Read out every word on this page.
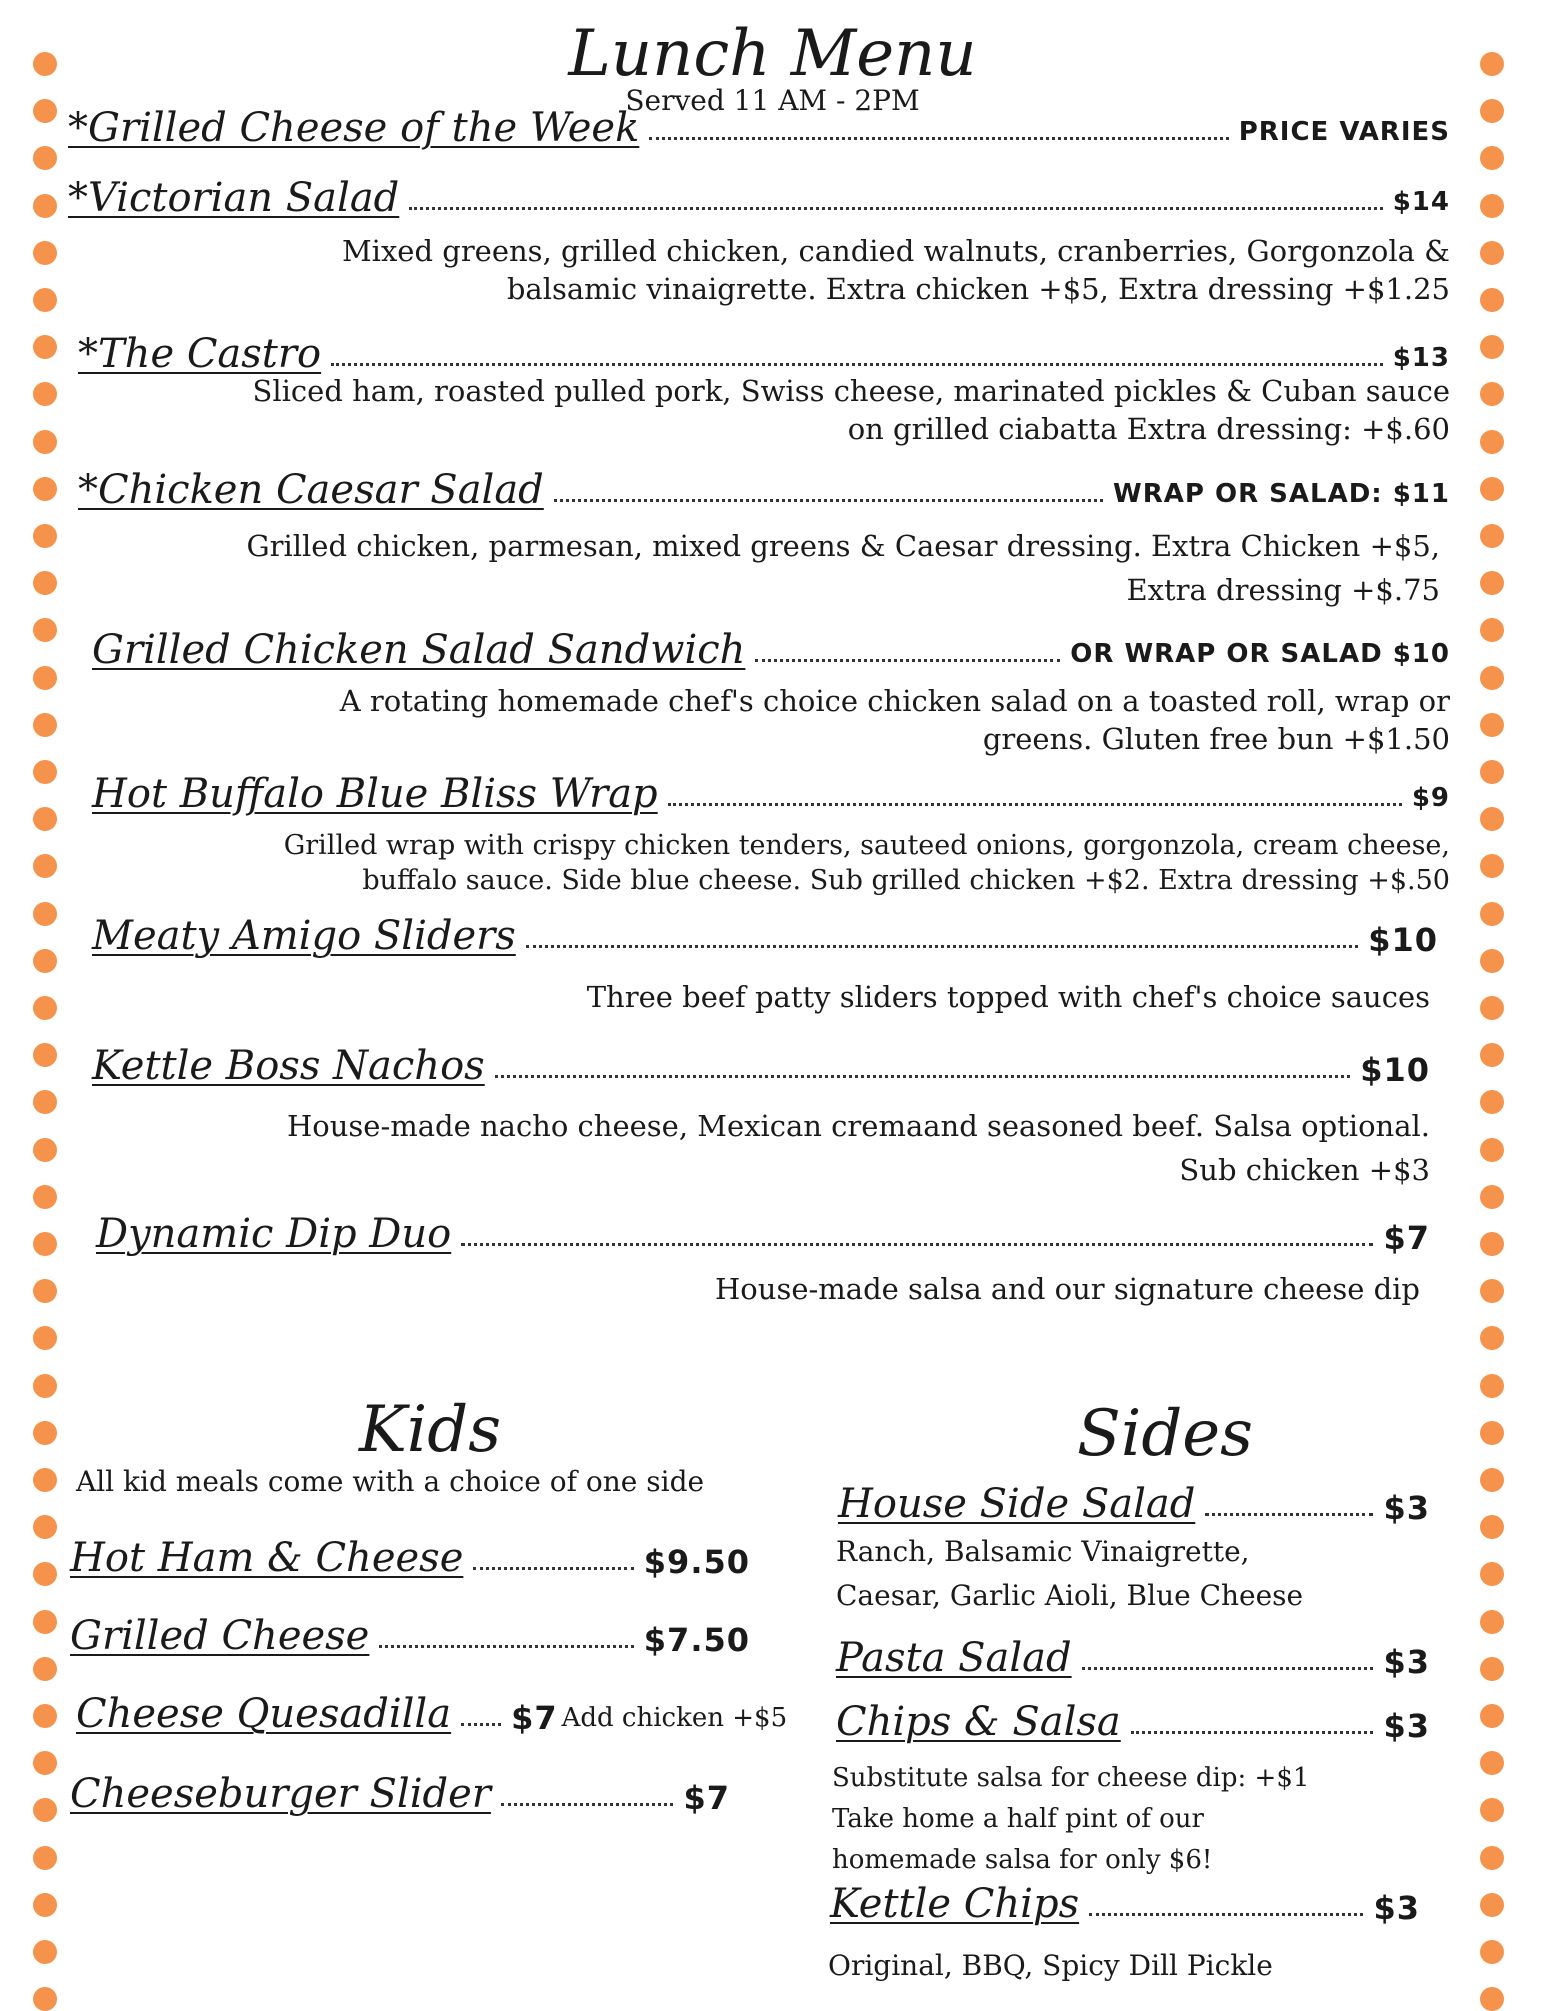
Lunch Menu
Served 11 AM - 2PM
*Grilled Cheese of the Week	PRICE VARIES
*Victorian Salad	$14
Mixed greens, grilled chicken, candied walnuts, cranberries, Gorgonzola &
balsamic vinaigrette. Extra chicken +$5, Extra dressing +$1.25
*The Castro	$13
Sliced ham, roasted pulled pork, Swiss cheese, marinated pickles & Cuban sauce
on grilled ciabatta Extra dressing: +$.60
*Chicken Caesar Salad	WRAP OR SALAD: $11
Grilled chicken, parmesan, mixed greens & Caesar dressing. Extra Chicken +$5,
Extra dressing +$.75
Grilled Chicken Salad Sandwich	OR WRAP OR SALAD $10
A rotating homemade chef's choice chicken salad on a toasted roll, wrap or
greens. Gluten free bun +$1.50
Hot Buffalo Blue Bliss Wrap	$9
Grilled wrap with crispy chicken tenders, sauteed onions, gorgonzola, cream cheese,
buffalo sauce. Side blue cheese. Sub grilled chicken +$2. Extra dressing +$.50
Meaty Amigo Sliders	$10
Three beef patty sliders topped with chef's choice sauces
Kettle Boss Nachos	$10
House-made nacho cheese, Mexican cremaand seasoned beef. Salsa optional.
Sub chicken +$3
Dynamic Dip Duo	$7
House-made salsa and our signature cheese dip
Kids
All kid meals come with a choice of one side
Hot Ham & Cheese	$9.50
Grilled Cheese	$7.50
Cheese Quesadilla $7 Add chicken +$5
Cheeseburger Slider	$7
Sides
House Side Salad	$3
Ranch, Balsamic Vinaigrette,
Caesar, Garlic Aioli, Blue Cheese
Pasta Salad	$3
Chips & Salsa	$3
Substitute salsa for cheese dip: +$1
Take home a half pint of our
homemade salsa for only $6!
Kettle Chips	$3
Original, BBQ, Spicy Dill Pickle
